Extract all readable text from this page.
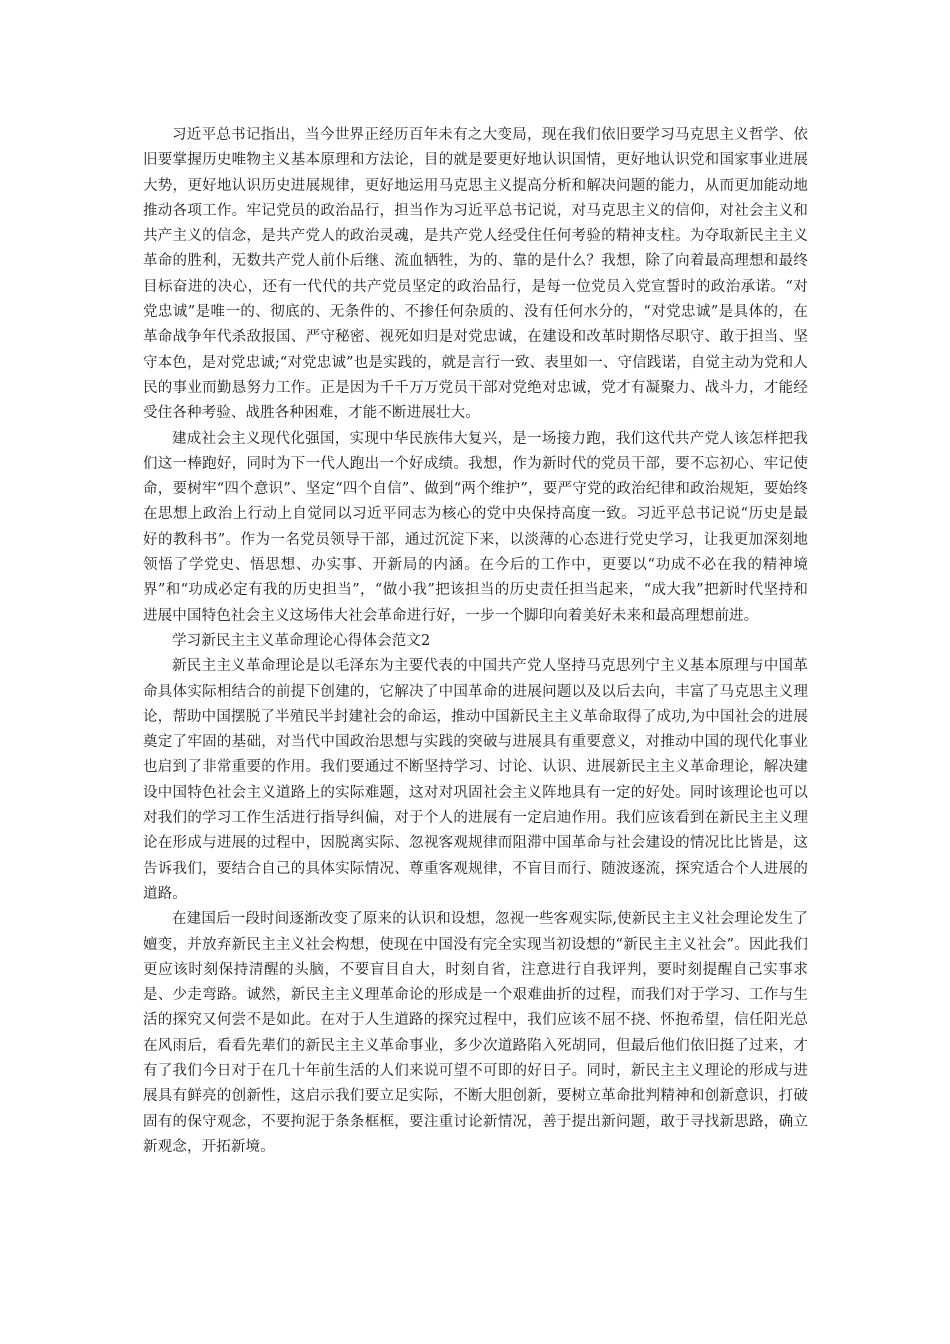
习近平总书记指出，当今世界正经历百年未有之大变局，现在我们依旧要学习马克思主义哲学、依旧要掌握历史唯物主义基本原理和方法论，目的就是要更好地认识国情，更好地认识党和国家事业进展大势，更好地认识历史进展规律，更好地运用马克思主义提高分析和解决问题的能力，从而更加能动地推动各项工作。牢记党员的政治品行，担当作为习近平总书记说，对马克思主义的信仰，对社会主义和共产主义的信念，是共产党人的政治灵魂，是共产党人经受住任何考验的精神支柱。为夺取新民主主义革命的胜利，无数共产党人前仆后继、流血牺牲，为的、靠的是什么？我想，除了向着最高理想和最终目标奋进的决心，还有一代代的共产党员坚定的政治品行，是每一位党员入党宣誓时的政治承诺。“对党忠诚”是唯一的、彻底的、无条件的、不掺任何杂质的、没有任何水分的，“对党忠诚”是具体的，在革命战争年代杀敌报国、严守秘密、视死如归是对党忠诚，在建设和改革时期恪尽职守、敢于担当、坚守本色，是对党忠诚;“对党忠诚”也是实践的，就是言行一致、表里如一、守信践诺，自觉主动为党和人民的事业而勤恳努力工作。正是因为千千万万党员干部对党绝对忠诚，党才有凝聚力、战斗力，才能经受住各种考验、战胜各种困难，才能不断进展壮大。

建成社会主义现代化强国，实现中华民族伟大复兴，是一场接力跑，我们这代共产党人该怎样把我们这一棒跑好，同时为下一代人跑出一个好成绩。我想，作为新时代的党员干部，要不忘初心、牢记使命，要树牢“四个意识”、坚定“四个自信”、做到“两个维护”，要严守党的政治纪律和政治规矩，要始终在思想上政治上行动上自觉同以习近平同志为核心的党中央保持高度一致。习近平总书记说“历史是最好的教科书”。作为一名党员领导干部，通过沉淀下来，以淡薄的心态进行党史学习，让我更加深刻地领悟了学党史、悟思想、办实事、开新局的内涵。在今后的工作中，更要以“功成不必在我的精神境界”和“功成必定有我的历史担当”，“做小我”把该担当的历史责任担当起来，“成大我”把新时代坚持和进展中国特色社会主义这场伟大社会革命进行好，一步一个脚印向着美好未来和最高理想前进。

学习新民主主义革命理论心得体会范文2

新民主主义革命理论是以毛泽东为主要代表的中国共产党人坚持马克思列宁主义基本原理与中国革命具体实际相结合的前提下创建的，它解决了中国革命的进展问题以及以后去向，丰富了马克思主义理论，帮助中国摆脱了半殖民半封建社会的命运，推动中国新民主主义革命取得了成功,为中国社会的进展奠定了牢固的基础，对当代中国政治思想与实践的突破与进展具有重要意义，对推动中国的现代化事业也启到了非常重要的作用。我们要通过不断坚持学习、讨论、认识、进展新民主主义革命理论，解决建设中国特色社会主义道路上的实际难题，这对对巩固社会主义阵地具有一定的好处。同时该理论也可以对我们的学习工作生活进行指导纠偏，对于个人的进展有一定启迪作用。我们应该看到在新民主主义理论在形成与进展的过程中，因脱离实际、忽视客观规律而阻滞中国革命与社会建设的情况比比皆是，这告诉我们，要结合自己的具体实际情况、尊重客观规律，不盲目而行、随波逐流，探究适合个人进展的道路。

在建国后一段时间逐渐改变了原来的认识和设想，忽视一些客观实际,使新民主主义社会理论发生了嬗变，并放弃新民主主义社会构想，使现在中国没有完全实现当初设想的“新民主主义社会”。因此我们更应该时刻保持清醒的头脑，不要盲目自大，时刻自省，注意进行自我评判，要时刻提醒自己实事求是、少走弯路。诚然，新民主主义理革命论的形成是一个艰难曲折的过程，而我们对于学习、工作与生活的探究又何尝不是如此。在对于人生道路的探究过程中，我们应该不屈不挠、怀抱希望，信任阳光总在风雨后，看看先辈们的新民主主义革命事业，多少次道路陷入死胡同，但最后他们依旧挺了过来，才有了我们今日对于在几十年前生活的人们来说可望不可即的好日子。同时，新民主主义理论的形成与进展具有鲜亮的创新性，这启示我们要立足实际，不断大胆创新，要树立革命批判精神和创新意识，打破固有的保守观念，不要拘泥于条条框框，要注重讨论新情况，善于提出新问题，敢于寻找新思路，确立新观念，开拓新境。
